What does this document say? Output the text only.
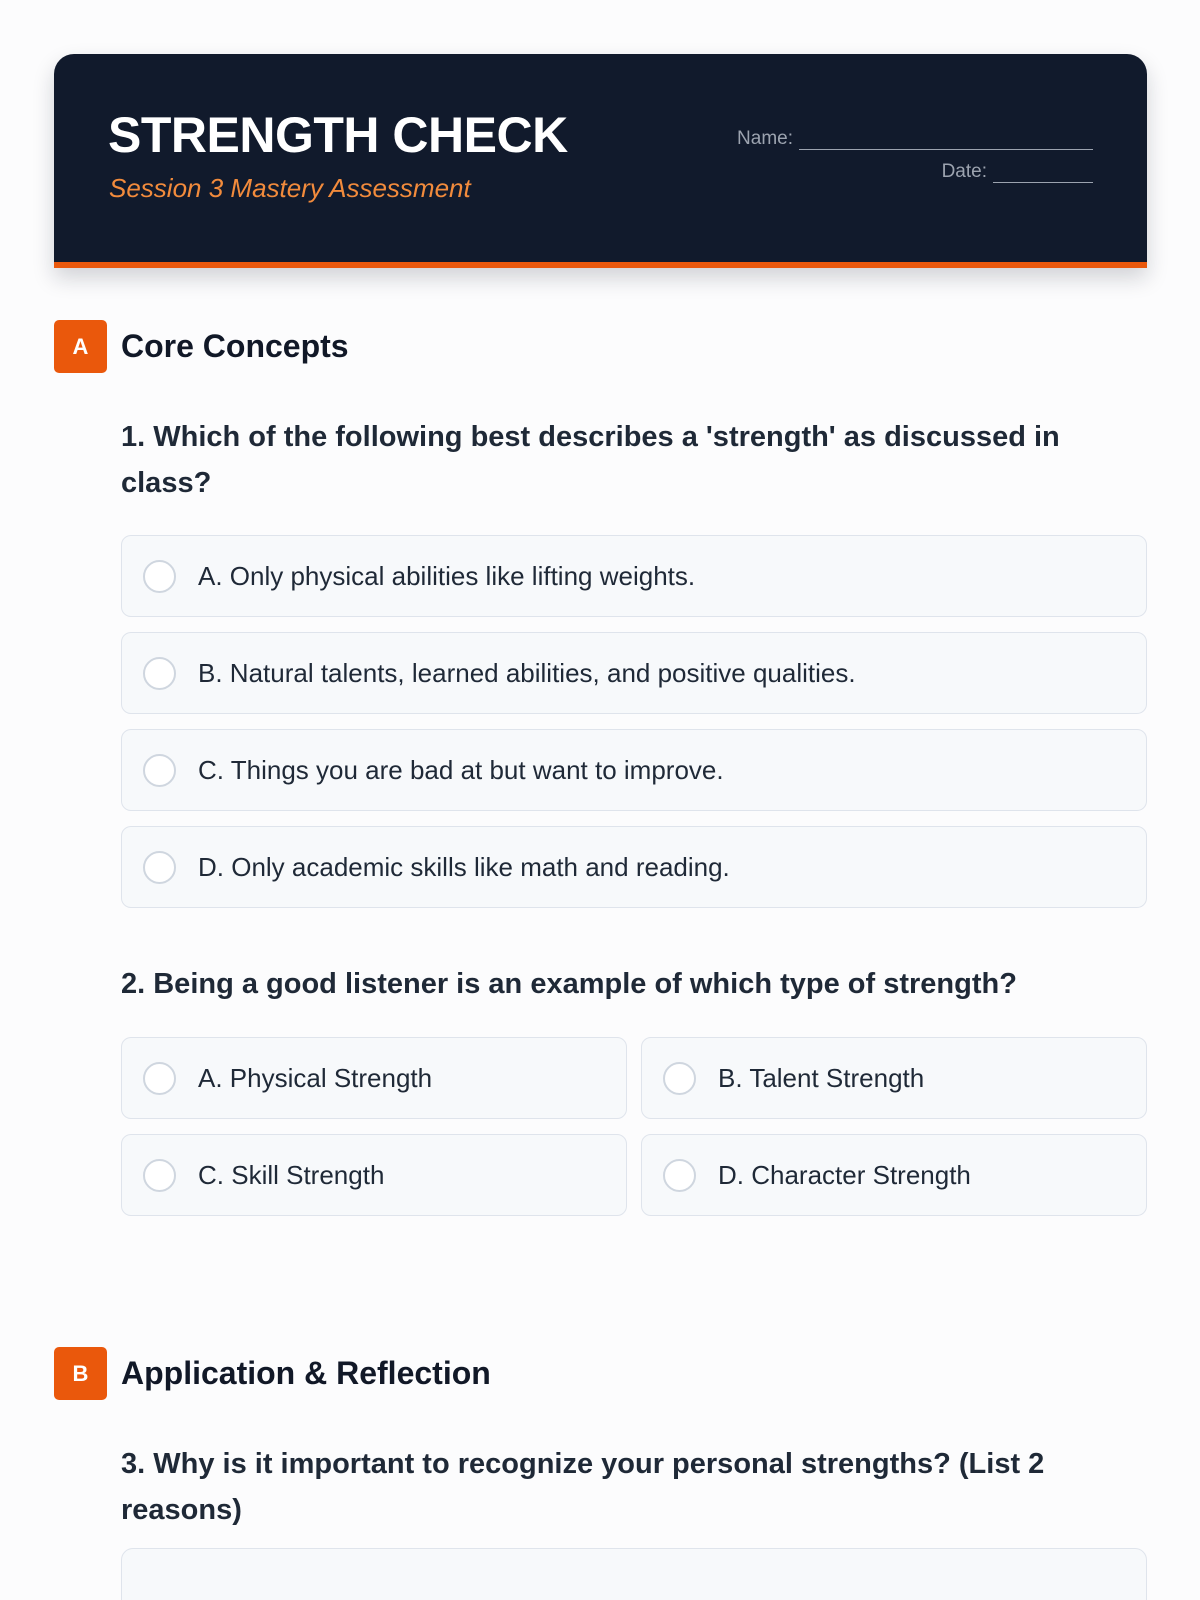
STRENGTH CHECK
Session 3 Mastery Assessment
Name:
Date:
A	Core Concepts
1. Which of the following best describes a 'strength' as discussed in class?
A. Only physical abilities like lifting weights.
B. Natural talents, learned abilities, and positive qualities.
C. Things you are bad at but want to improve.
D. Only academic skills like math and reading.
2. Being a good listener is an example of which type of strength?
A. Physical Strength	B. Talent Strength
C. Skill Strength	D. Character Strength
B	Application & Reflection
3. Why is it important to recognize your personal strengths? (List 2 reasons)
